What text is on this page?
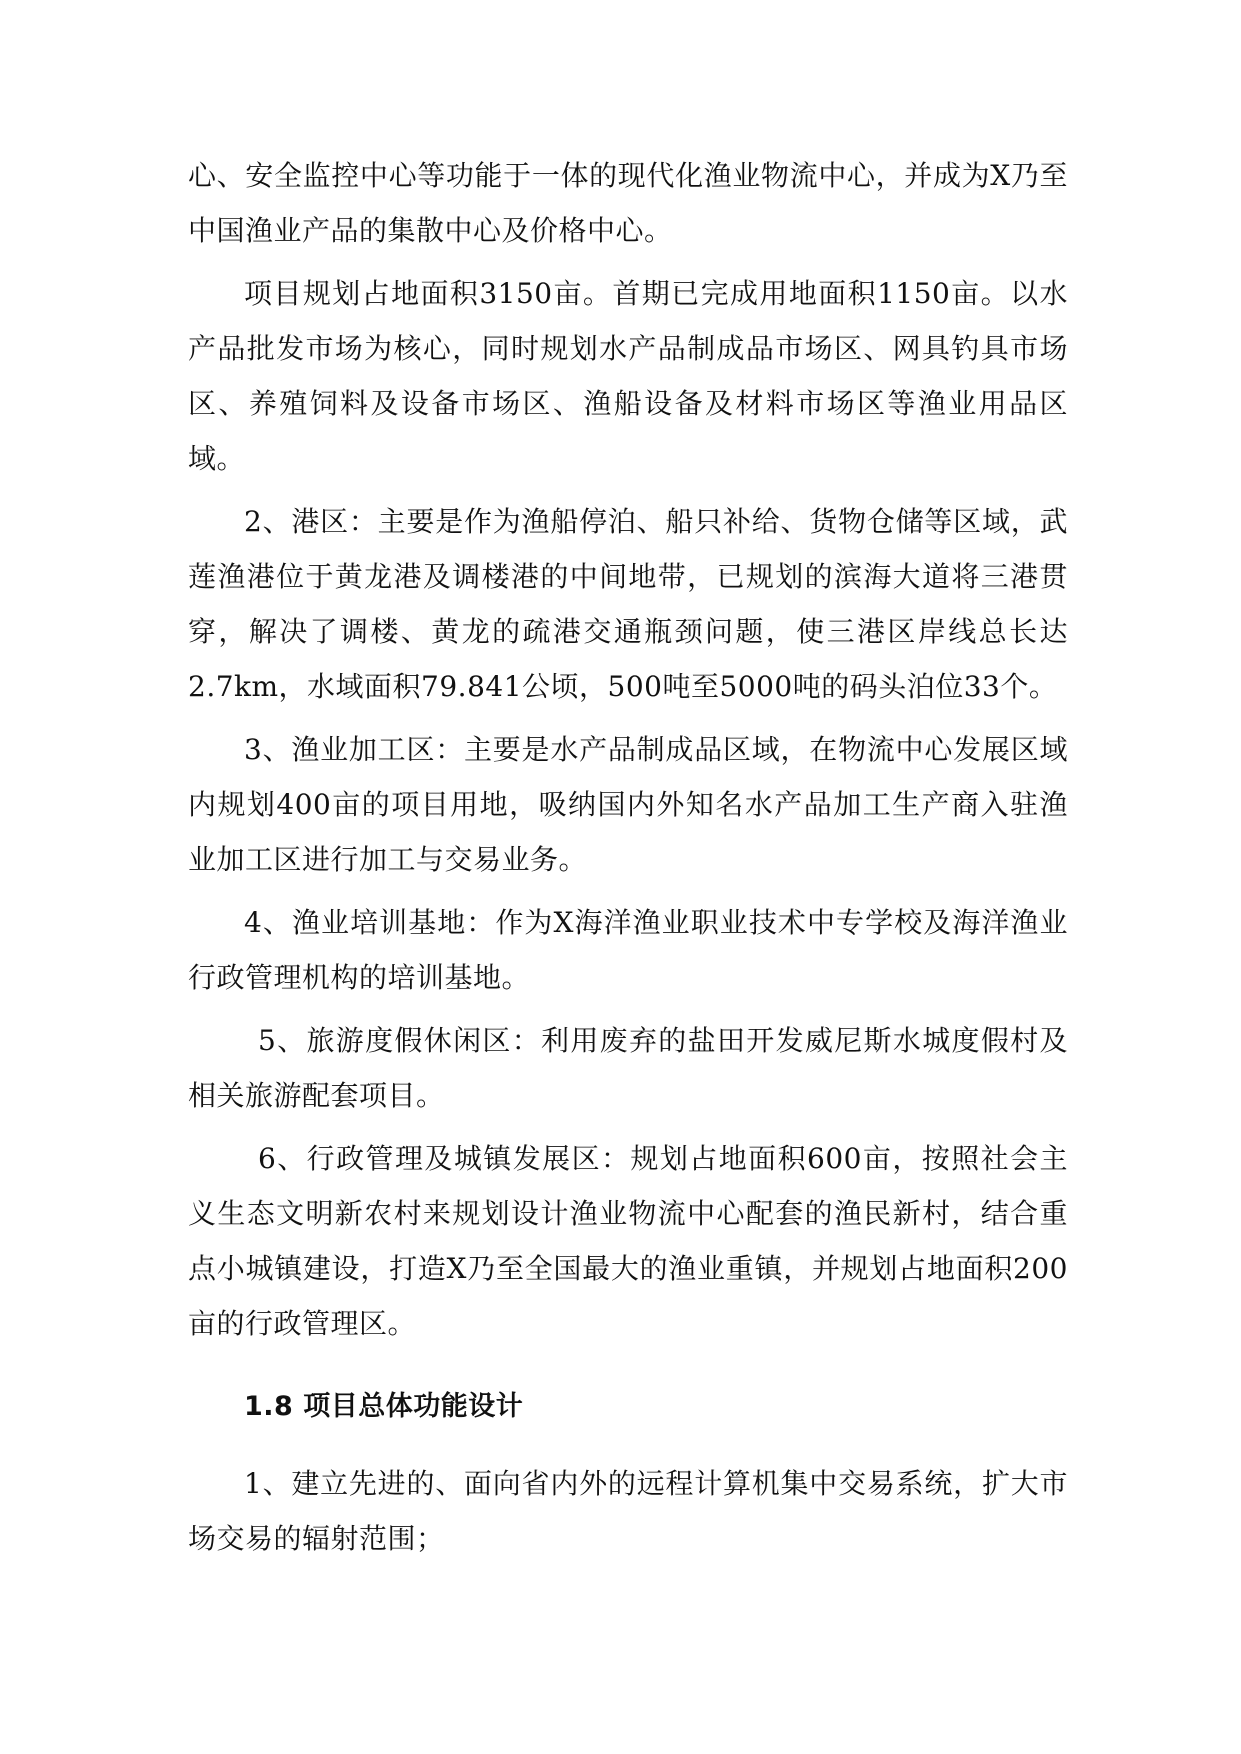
心、安全监控中心等功能于一体的现代化渔业物流中心，并成为X乃至中国渔业产品的集散中心及价格中心。

项目规划占地面积3150亩。首期已完成用地面积1150亩。以水产品批发市场为核心，同时规划水产品制成品市场区、网具钓具市场区、养殖饲料及设备市场区、渔船设备及材料市场区等渔业用品区域。

2、港区：主要是作为渔船停泊、船只补给、货物仓储等区域，武莲渔港位于黄龙港及调楼港的中间地带，已规划的滨海大道将三港贯穿，解决了调楼、黄龙的疏港交通瓶颈问题，使三港区岸线总长达2.7km，水域面积79.841公顷，500吨至5000吨的码头泊位33个。

3、渔业加工区：主要是水产品制成品区域，在物流中心发展区域内规划400亩的项目用地，吸纳国内外知名水产品加工生产商入驻渔业加工区进行加工与交易业务。

4、渔业培训基地：作为X海洋渔业职业技术中专学校及海洋渔业行政管理机构的培训基地。

5、旅游度假休闲区：利用废弃的盐田开发威尼斯水城度假村及相关旅游配套项目。

6、行政管理及城镇发展区：规划占地面积600亩，按照社会主义生态文明新农村来规划设计渔业物流中心配套的渔民新村，结合重点小城镇建设，打造X乃至全国最大的渔业重镇，并规划占地面积200亩的行政管理区。

1.8 项目总体功能设计

1、建立先进的、面向省内外的远程计算机集中交易系统，扩大市场交易的辐射范围；
